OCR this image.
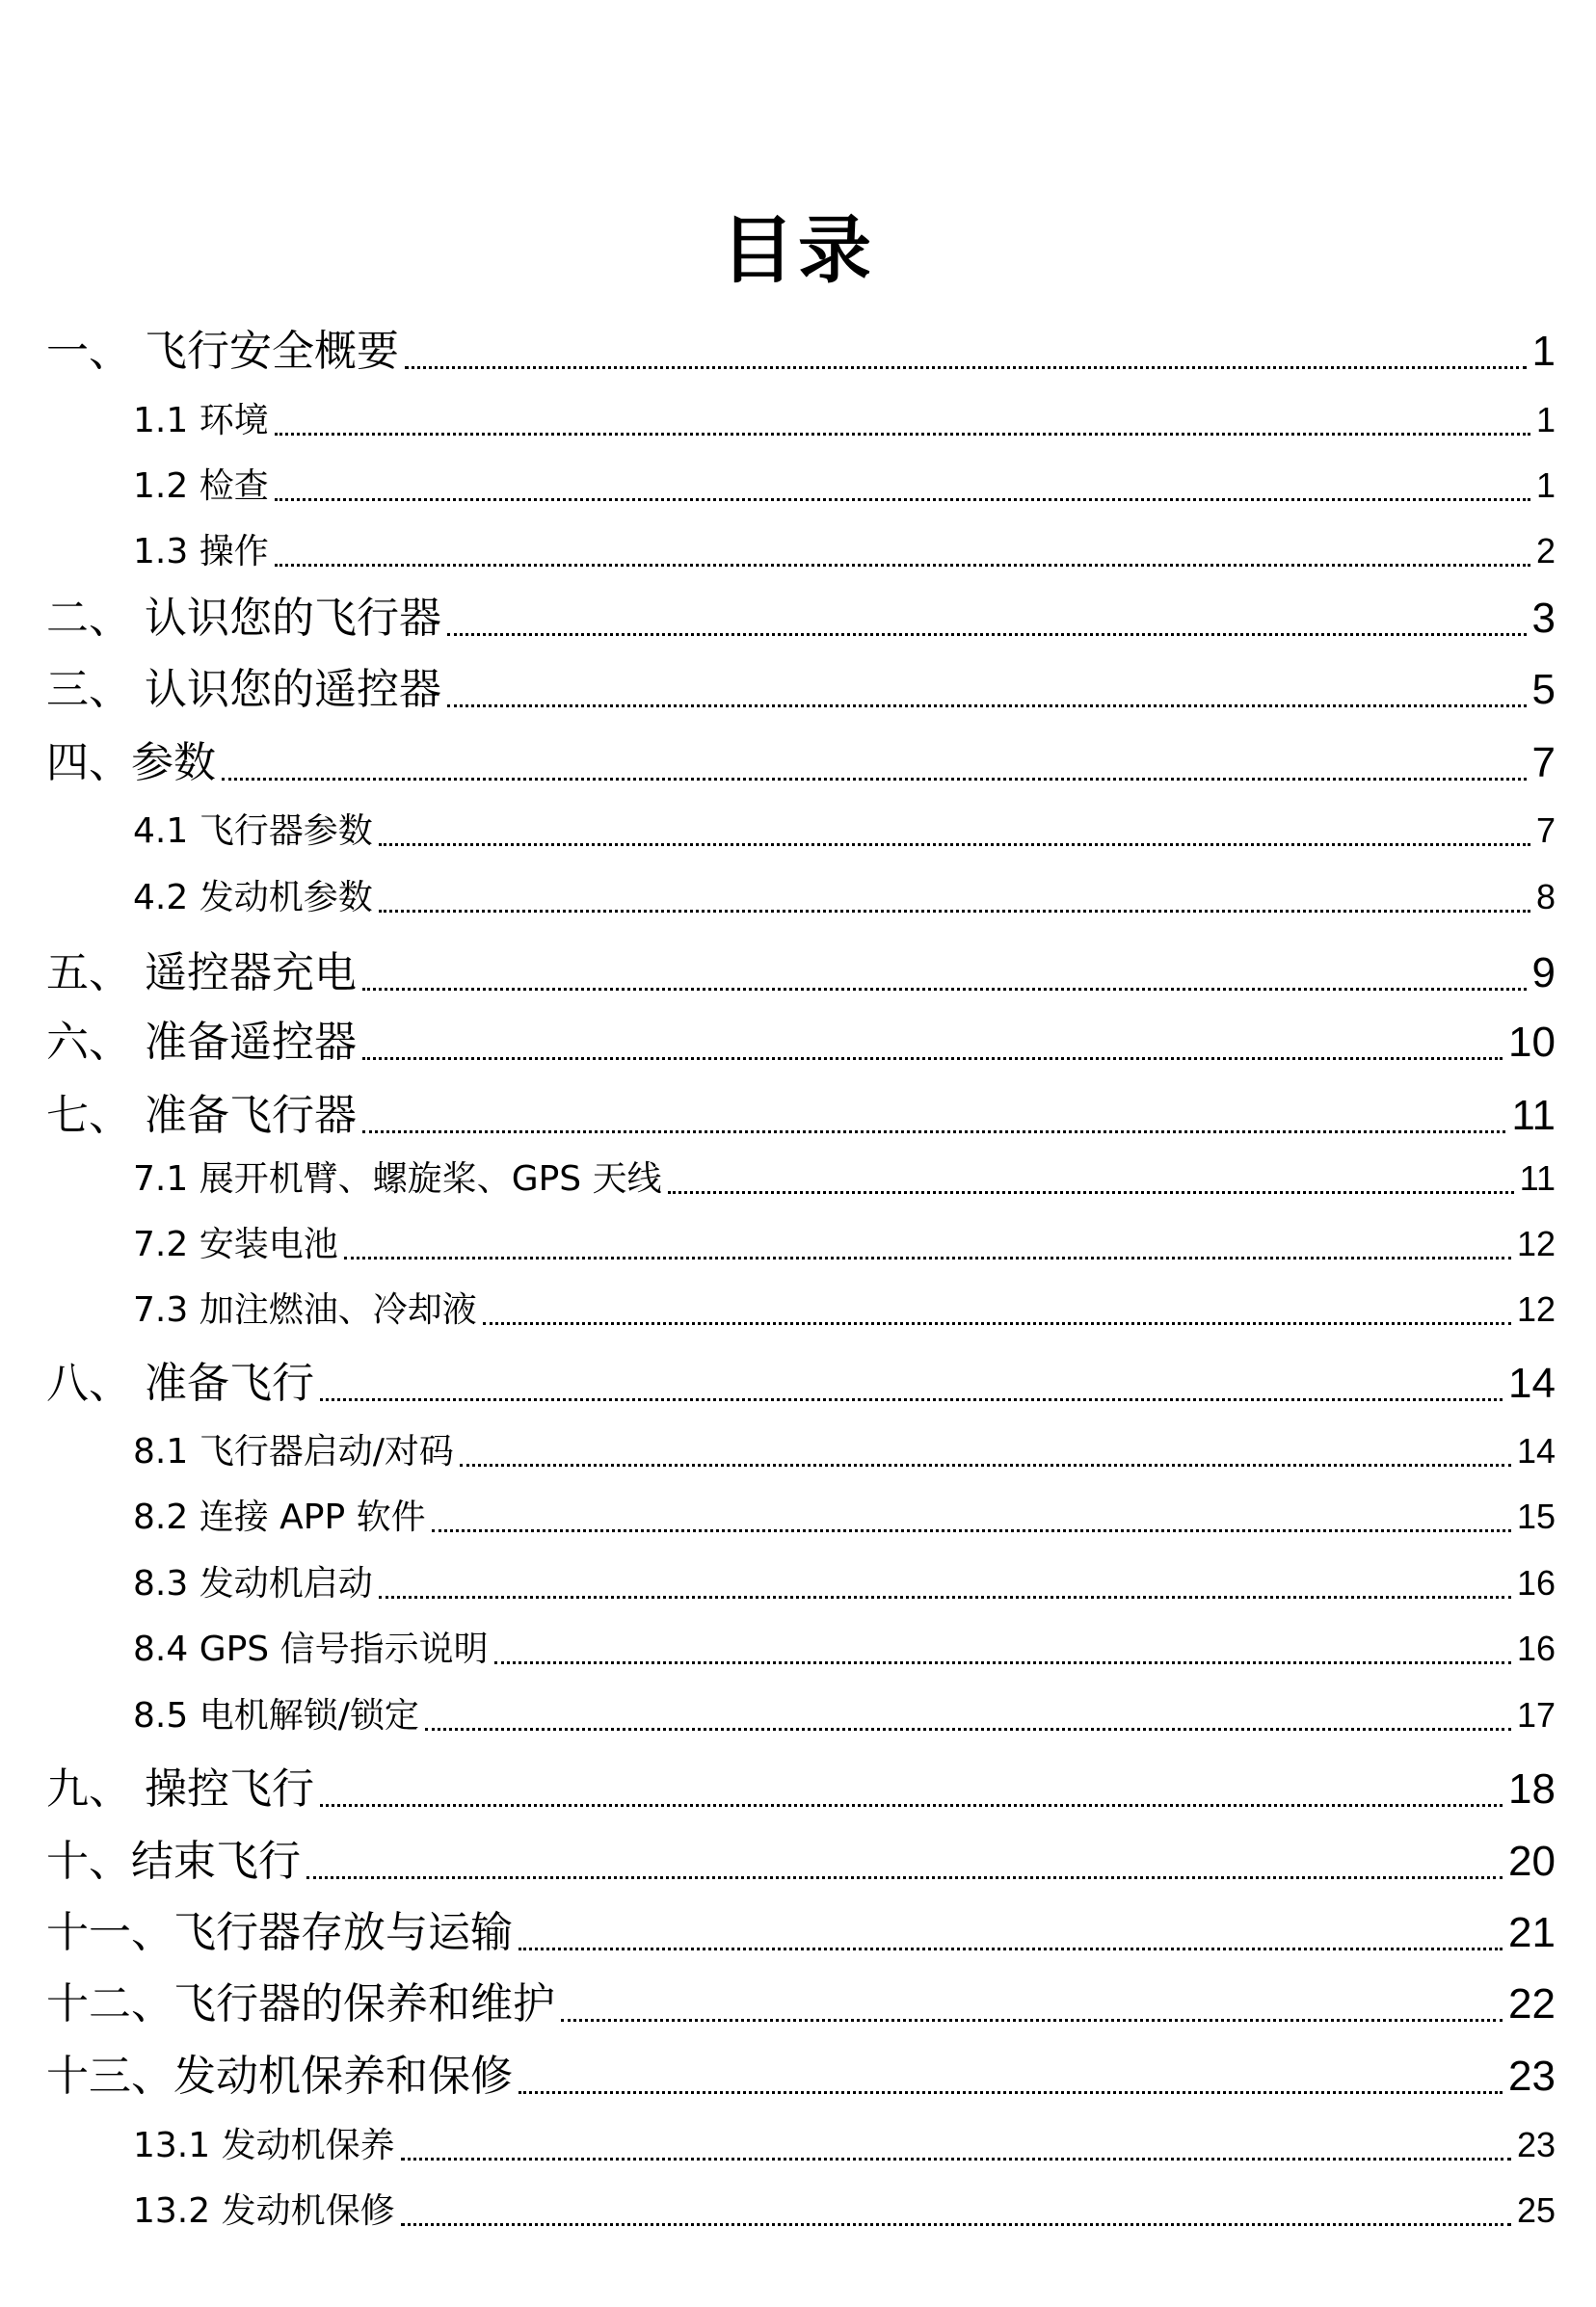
目录
一、 飞行安全概要	1
1.1 环境	1
1.2 检查	1
1.3 操作	2
二、 认识您的飞行器	3
三、 认识您的遥控器	5
四、参数	7
4.1 飞行器参数	7
4.2 发动机参数	8
五、 遥控器充电	9
六、 准备遥控器	10
七、 准备飞行器	11
7.1 展开机臂、螺旋桨、GPS 天线	11
7.2 安装电池	12
7.3 加注燃油、冷却液	12
八、 准备飞行	14
8.1 飞行器启动/对码	14
8.2 连接 APP 软件	15
8.3 发动机启动	16
8.4 GPS 信号指示说明	16
8.5 电机解锁/锁定	17
九、 操控飞行	18
十、结束飞行	20
十一、飞行器存放与运输	21
十二、飞行器的保养和维护	22
十三、发动机保养和保修	23
13.1 发动机保养	23
13.2 发动机保修	25
